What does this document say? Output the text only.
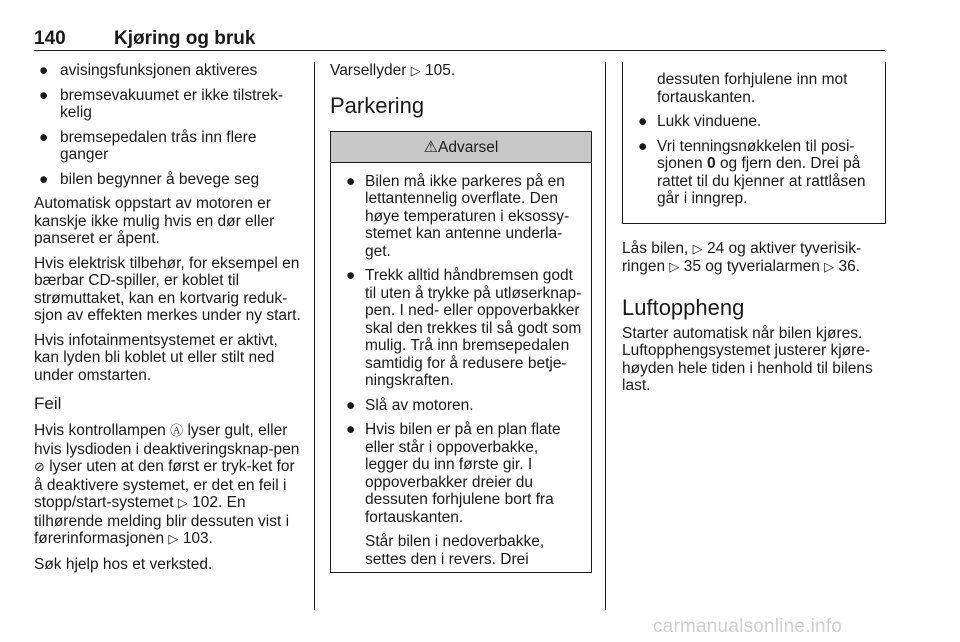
140	Kjøring og bruk
● avisingsfunksjonen aktiveres
● bremsevakuumet er ikke tilstrek-kelig
● bremsepedalen trås inn flere ganger
● bilen begynner å bevege seg

Automatisk oppstart av motoren er kanskje ikke mulig hvis en dør eller panseret er åpent.

Hvis elektrisk tilbehør, for eksempel en bærbar CD-spiller, er koblet til strømuttaket, kan en kortvarig reduk-sjon av effekten merkes under ny start.

Hvis infotainmentsystemet er aktivt, kan lyden bli koblet ut eller stilt ned under omstarten.

Feil

Hvis kontrollampen Ⓐ lyser gult, eller hvis lysdioden i deaktiveringsknap-pen ⊘ lyser uten at den først er tryk-ket for å deaktivere systemet, er det en feil i stopp/start-systemet ▷ 102. En tilhørende melding blir dessuten vist i førerinformasjonen ▷ 103.

Søk hjelp hos et verksted.

Varsellyder ▷ 105.

Parkering
⚠Advarsel
● Bilen må ikke parkeres på en lettantennelig overflate. Den høye temperaturen i eksossy-stemet kan antenne underla-get.
● Trekk alltid håndbremsen godt til uten å trykke på utløserknap-pen. I ned- eller oppoverbakker skal den trekkes til så godt som mulig. Trå inn bremsepedalen samtidig for å redusere betje-ningskraften.
● Slå av motoren.
● Hvis bilen er på en plan flate eller står i oppoverbakke, legger du inn første gir. I oppoverbakker dreier du dessuten forhjulene bort fra fortauskanten.

Står bilen i nedoverbakke, settes den i revers. Drei

dessuten forhjulene inn mot fortauskanten.

● Lukk vinduene.
● Vri tenningsnøkkelen til posi-sjonen 0 og fjern den. Drei på rattet til du kjenner at rattlåsen går i inngrep.

Lås bilen, ▷ 24 og aktiver tyverisik-ringen ▷ 35 og tyverialarmen ▷ 36.

Luftoppheng

Starter automatisk når bilen kjøres. Luftopphengsystemet justerer kjøre-høyden hele tiden i henhold til bilens last.

carmanualsonline.info
